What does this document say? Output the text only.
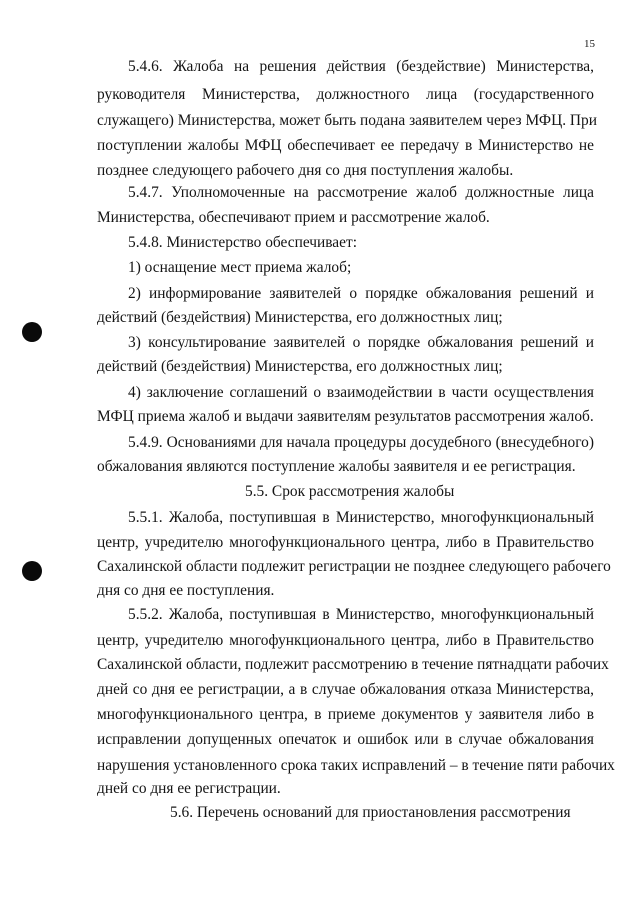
15
5.4.6. Жалоба на решения действия (бездействие) Министерства,
руководителя Министерства, должностного лица (государственного
служащего) Министерства, может быть подана заявителем через МФЦ. При
поступлении жалобы МФЦ обеспечивает ее передачу в Министерство не
позднее следующего рабочего дня со дня поступления жалобы.
5.4.7. Уполномоченные на рассмотрение жалоб должностные лица
Министерства, обеспечивают прием и рассмотрение жалоб.
5.4.8. Министерство обеспечивает:
1) оснащение мест приема жалоб;
2) информирование заявителей о порядке обжалования решений и
действий (бездействия) Министерства, его должностных лиц;
3) консультирование заявителей о порядке обжалования решений и
действий (бездействия) Министерства, его должностных лиц;
4) заключение соглашений о взаимодействии в части осуществления
МФЦ приема жалоб и выдачи заявителям результатов рассмотрения жалоб.
5.4.9. Основаниями для начала процедуры досудебного (внесудебного)
обжалования являются поступление жалобы заявителя и ее регистрация.
5.5. Срок рассмотрения жалобы
5.5.1. Жалоба, поступившая в Министерство, многофункциональный
центр, учредителю многофункционального центра, либо в Правительство
Сахалинской области подлежит регистрации не позднее следующего рабочего
дня со дня ее поступления.
5.5.2. Жалоба, поступившая в Министерство, многофункциональный
центр, учредителю многофункционального центра, либо в Правительство
Сахалинской области, подлежит рассмотрению в течение пятнадцати рабочих
дней со дня ее регистрации, а в случае обжалования отказа Министерства,
многофункционального центра, в приеме документов у заявителя либо в
исправлении допущенных опечаток и ошибок или в случае обжалования
нарушения установленного срока таких исправлений – в течение пяти рабочих
дней со дня ее регистрации.
5.6. Перечень оснований для приостановления рассмотрения
